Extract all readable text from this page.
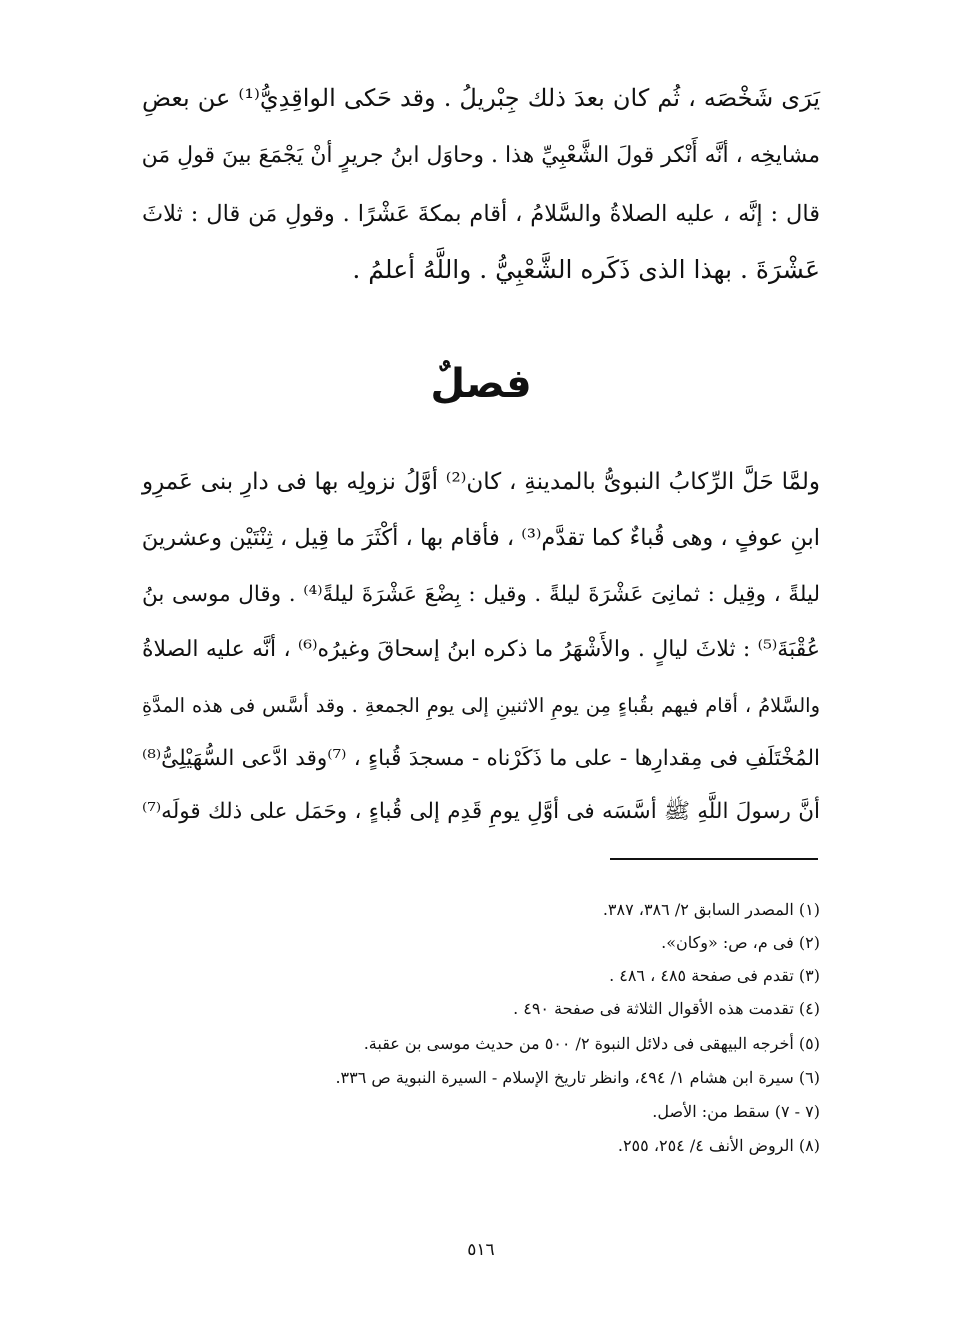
يَرَى شَخْصَه ، ثُم كان بعدَ ذلك جِبْريلُ . وقد حَكى الواقِدِيُّ⁽¹⁾ عن بعضِ
مشايخِه ، أنَّه أَنْكر قولَ الشَّعْبِيِّ هذا . وحاوَل ابنُ جريرٍ أنْ يَجْمَعَ بينَ قولِ مَن
قال : إنَّه ، عليه الصلاةُ والسَّلامُ ، أقام بمكةَ عَشْرًا . وقولِ مَن قال : ثلاثَ
عَشْرَةَ . بهذا الذى ذَكَره الشَّعْبِيُّ . واللَّهُ أعلمُ .
فصلٌ
ولمَّا حَلَّ الرِّكابُ النبوىُّ بالمدينةِ ، كان⁽²⁾ أوَّلُ نزولِه بها فى دارِ بنى عَمرِو
ابنِ عوفٍ ، وهى قُباءٌ كما تقدَّم⁽³⁾ ، فأقام بها ، أكْثَرَ ما قِيل ، ثِنْتَيْن وعشرينَ
ليلةً ، وقِيل : ثمانِىَ عَشْرَةَ ليلةً . وقيل : بِضْعَ عَشْرَةَ ليلةً⁽⁴⁾ . وقال موسى بنُ
عُقْبَةَ⁽⁵⁾ : ثلاثَ ليالٍ . والأَشْهَرُ ما ذكره ابنُ إسحاقَ وغيرُه⁽⁶⁾ ، أنَّه عليه الصلاةُ
والسَّلامُ ، أقام فيهم بقُباءٍ مِن يومِ الاثنينِ إلى يومِ الجمعةِ . وقد أسَّس فى هذه المدَّةِ
المُخْتَلَفِ فى مِقدارِها - على ما ذَكَرْناه - مسجدَ قُباءٍ ، ⁽⁷⁾وقد ادَّعى السُّهَيْلِىُّ⁽⁸⁾
أنَّ رسولَ اللَّهِ ﷺ أسَّسَه فى أوَّلِ يومِ قَدِم إلى قُباءٍ ، وحَمَل على ذلك قولَه⁽⁷⁾
(١) المصدر السابق ٢/ ٣٨٦، ٣٨٧.
(٢) فى م، ص: «وكان».
(٣) تقدم فى صفحة ٤٨٥ ، ٤٨٦ .
(٤) تقدمت هذه الأقوال الثلاثة فى صفحة ٤٩٠ .
(٥) أخرجه البيهقى فى دلائل النبوة ٢/ ٥٠٠ من حديث موسى بن عقبة.
(٦) سيرة ابن هشام ١/ ٤٩٤، وانظر تاريخ الإسلام - السيرة النبوية ص ٣٣٦.
(٧ - ٧) سقط من: الأصل.
(٨) الروض الأنف ٤/ ٢٥٤، ٢٥٥.
٥١٦
